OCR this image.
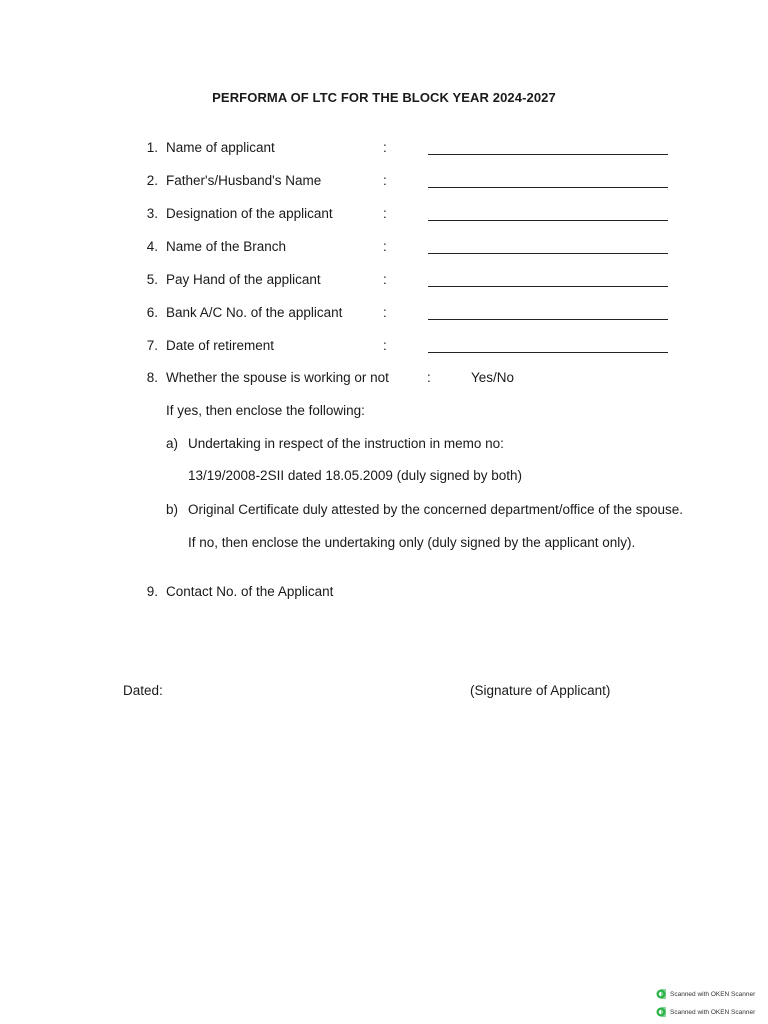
PERFORMA OF LTC FOR THE BLOCK YEAR 2024-2027
1. Name of applicant	:
2. Father's/Husband's Name	:
3. Designation of the applicant	:
4. Name of the Branch	:
5. Pay Hand of the applicant	:
6. Bank A/C No. of the applicant	:
7. Date of retirement	:
8. Whether the spouse is working or not	:	Yes/No
If yes, then enclose the following:
a) Undertaking in respect of the instruction in memo no:
13/19/2008-2SII dated 18.05.2009 (duly signed by both)
b) Original Certificate duly attested by the concerned department/office of the spouse.
If no, then enclose the undertaking only (duly signed by the applicant only).
9. Contact No. of the Applicant
Dated:	(Signature of Applicant)
Scanned with OKEN Scanner
Scanned with OKEN Scanner
